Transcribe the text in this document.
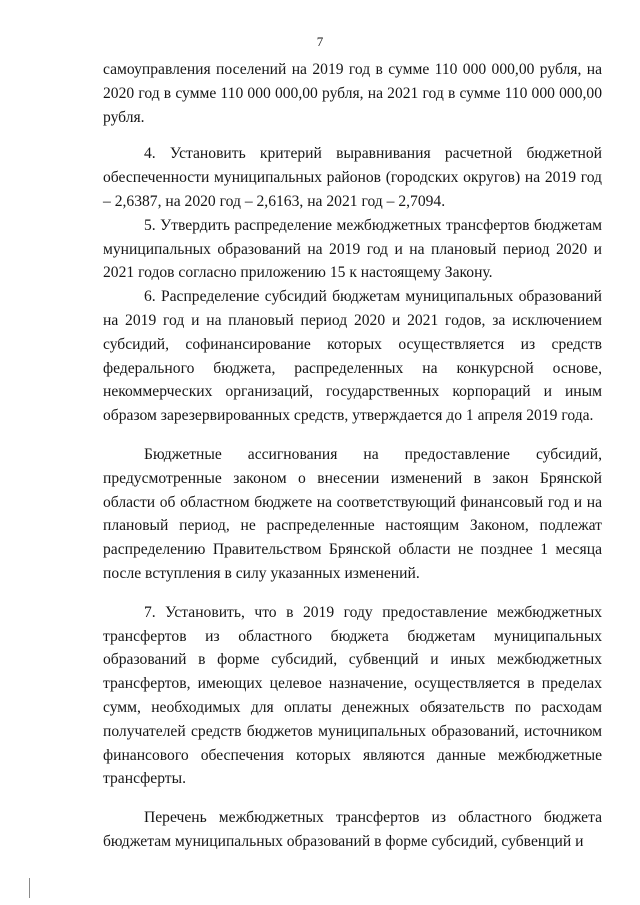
7

самоуправления поселений на 2019 год в сумме 110 000 000,00 рубля, на 2020 год в сумме 110 000 000,00 рубля, на 2021 год в сумме 110 000 000,00 рубля.

4. Установить критерий выравнивания расчетной бюджетной обеспеченности муниципальных районов (городских округов) на 2019 год – 2,6387, на 2020 год – 2,6163, на 2021 год – 2,7094.

5. Утвердить распределение межбюджетных трансфертов бюджетам муниципальных образований на 2019 год и на плановый период 2020 и 2021 годов согласно приложению 15 к настоящему Закону.

6. Распределение субсидий бюджетам муниципальных образований на 2019 год и на плановый период 2020 и 2021 годов, за исключением субсидий, софинансирование которых осуществляется из средств федерального бюджета, распределенных на конкурсной основе, некоммерческих организаций, государственных корпораций и иным образом зарезервированных средств, утверждается до 1 апреля 2019 года.

Бюджетные ассигнования на предоставление субсидий, предусмотренные законом о внесении изменений в закон Брянской области об областном бюджете на соответствующий финансовый год и на плановый период, не распределенные настоящим Законом, подлежат распределению Правительством Брянской области не позднее 1 месяца после вступления в силу указанных изменений.

7. Установить, что в 2019 году предоставление межбюджетных трансфертов из областного бюджета бюджетам муниципальных образований в форме субсидий, субвенций и иных межбюджетных трансфертов, имеющих целевое назначение, осуществляется в пределах сумм, необходимых для оплаты денежных обязательств по расходам получателей средств бюджетов муниципальных образований, источником финансового обеспечения которых являются данные межбюджетные трансферты.

Перечень межбюджетных трансфертов из областного бюджета бюджетам муниципальных образований в форме субсидий, субвенций и
